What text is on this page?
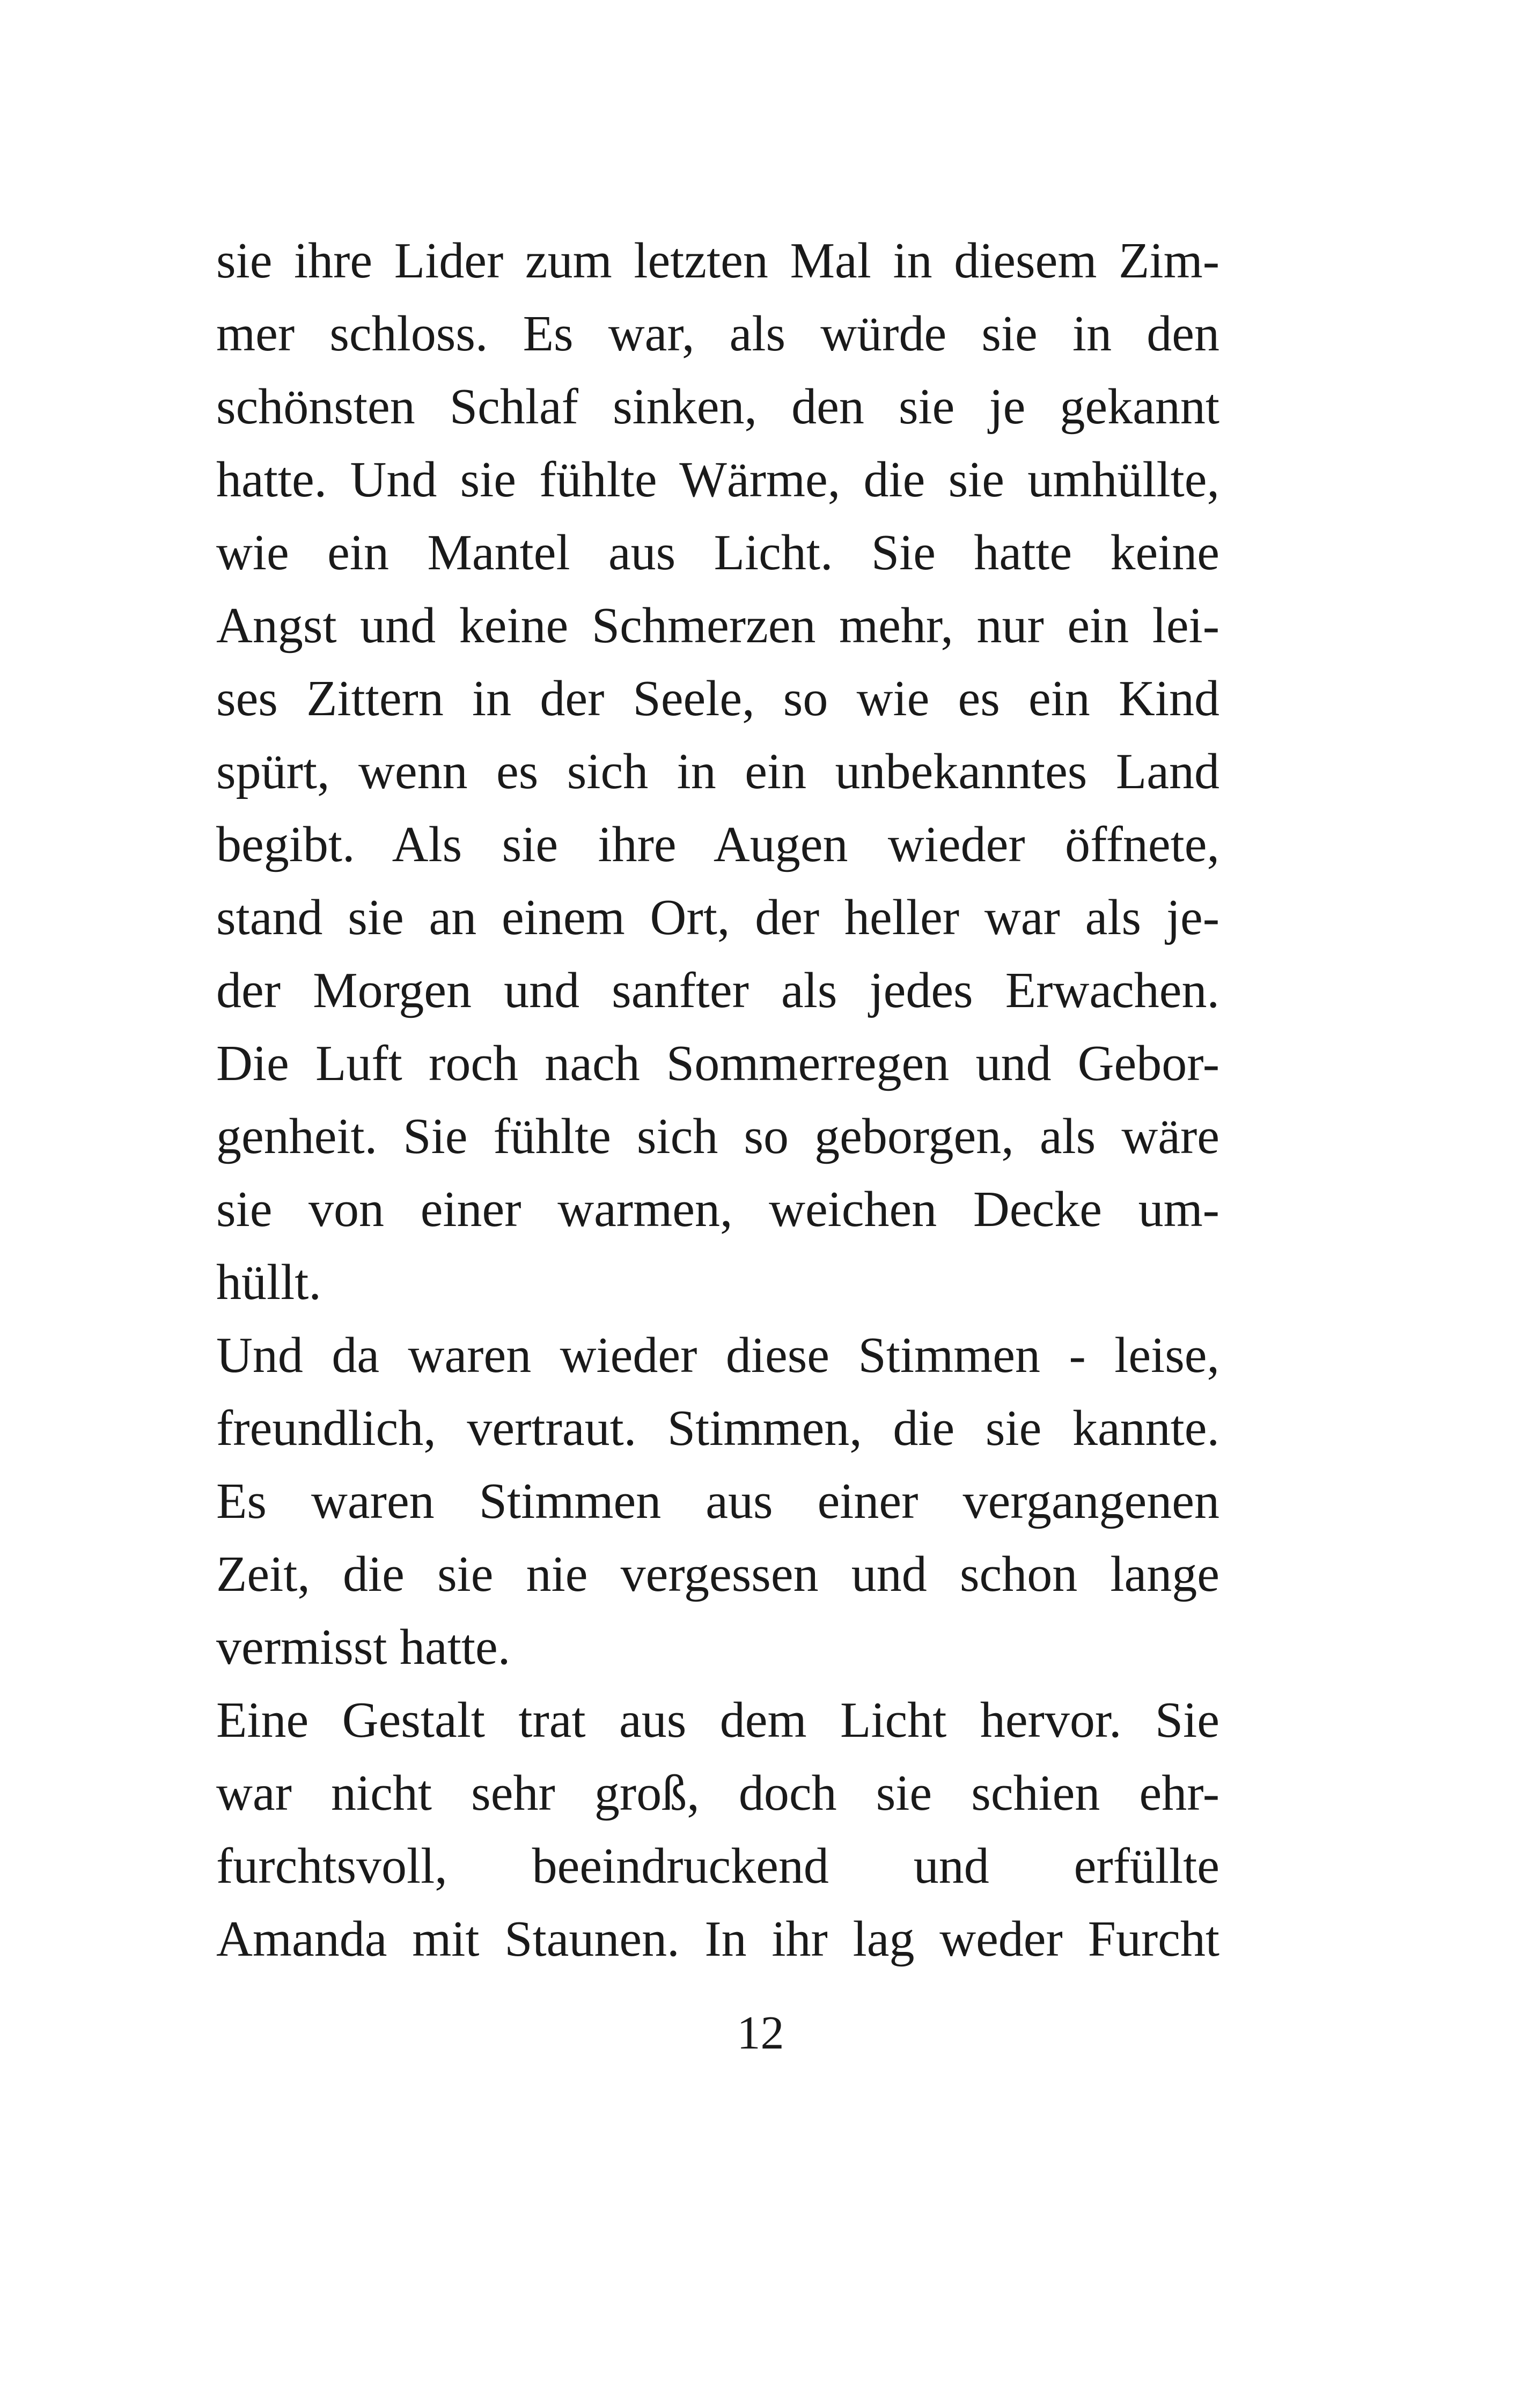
sie ihre Lider zum letzten Mal in diesem Zim-
mer schloss. Es war, als würde sie in den
schönsten Schlaf sinken, den sie je gekannt
hatte. Und sie fühlte Wärme, die sie umhüllte,
wie ein Mantel aus Licht. Sie hatte keine
Angst und keine Schmerzen mehr, nur ein lei-
ses Zittern in der Seele, so wie es ein Kind
spürt, wenn es sich in ein unbekanntes Land
begibt. Als sie ihre Augen wieder öffnete,
stand sie an einem Ort, der heller war als je-
der Morgen und sanfter als jedes Erwachen.
Die Luft roch nach Sommerregen und Gebor-
genheit. Sie fühlte sich so geborgen, als wäre
sie von einer warmen, weichen Decke um-
hüllt.
Und da waren wieder diese Stimmen - leise,
freundlich, vertraut. Stimmen, die sie kannte.
Es waren Stimmen aus einer vergangenen
Zeit, die sie nie vergessen und schon lange
vermisst hatte.
Eine Gestalt trat aus dem Licht hervor. Sie
war nicht sehr groß, doch sie schien ehr-
furchtsvoll, beeindruckend und erfüllte
Amanda mit Staunen. In ihr lag weder Furcht
12
